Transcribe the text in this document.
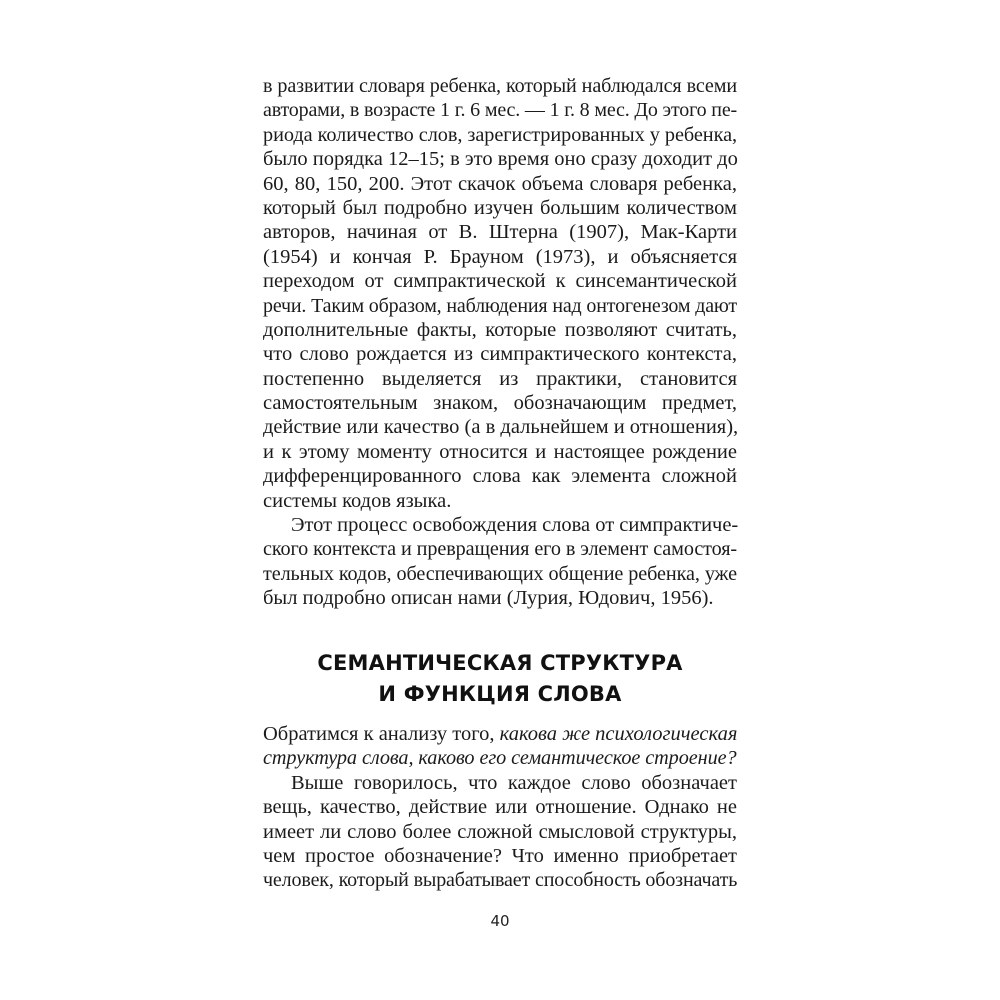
в развитии словаря ребенка, который наблюдался всеми
авторами, в возрасте 1 г. 6 мес. — 1 г. 8 мес. До этого пе-
риода количество слов, зарегистрированных у ребенка,
было порядка 12–15; в это время оно сразу доходит до
60, 80, 150, 200. Этот скачок объема словаря ребенка,
который был подробно изучен большим количеством
авторов, начиная от В. Штерна (1907), Мак-Карти
(1954) и кончая Р. Брауном (1973), и объясняется
переходом от симпрактической к синсемантической
речи. Таким образом, наблюдения над онтогенезом дают
дополнительные факты, которые позволяют считать,
что слово рождается из симпрактического контекста,
постепенно выделяется из практики, становится
самостоятельным знаком, обозначающим предмет,
действие или качество (а в дальнейшем и отношения),
и к этому моменту относится и настоящее рождение
дифференцированного слова как элемента сложной
системы кодов языка.
Этот процесс освобождения слова от симпрактиче-
ского контекста и превращения его в элемент самостоя-
тельных кодов, обеспечивающих общение ребенка, уже
был подробно описан нами (Лурия, Юдович, 1956).
СЕМАНТИЧЕСКАЯ СТРУКТУРА
И ФУНКЦИЯ СЛОВА
Обратимся к анализу того, какова же психологическая
структура слова, каково его семантическое строение?
Выше говорилось, что каждое слово обозначает
вещь, качество, действие или отношение. Однако не
имеет ли слово более сложной смысловой структуры,
чем простое обозначение? Что именно приобретает
человек, который вырабатывает способность обозначать
40
